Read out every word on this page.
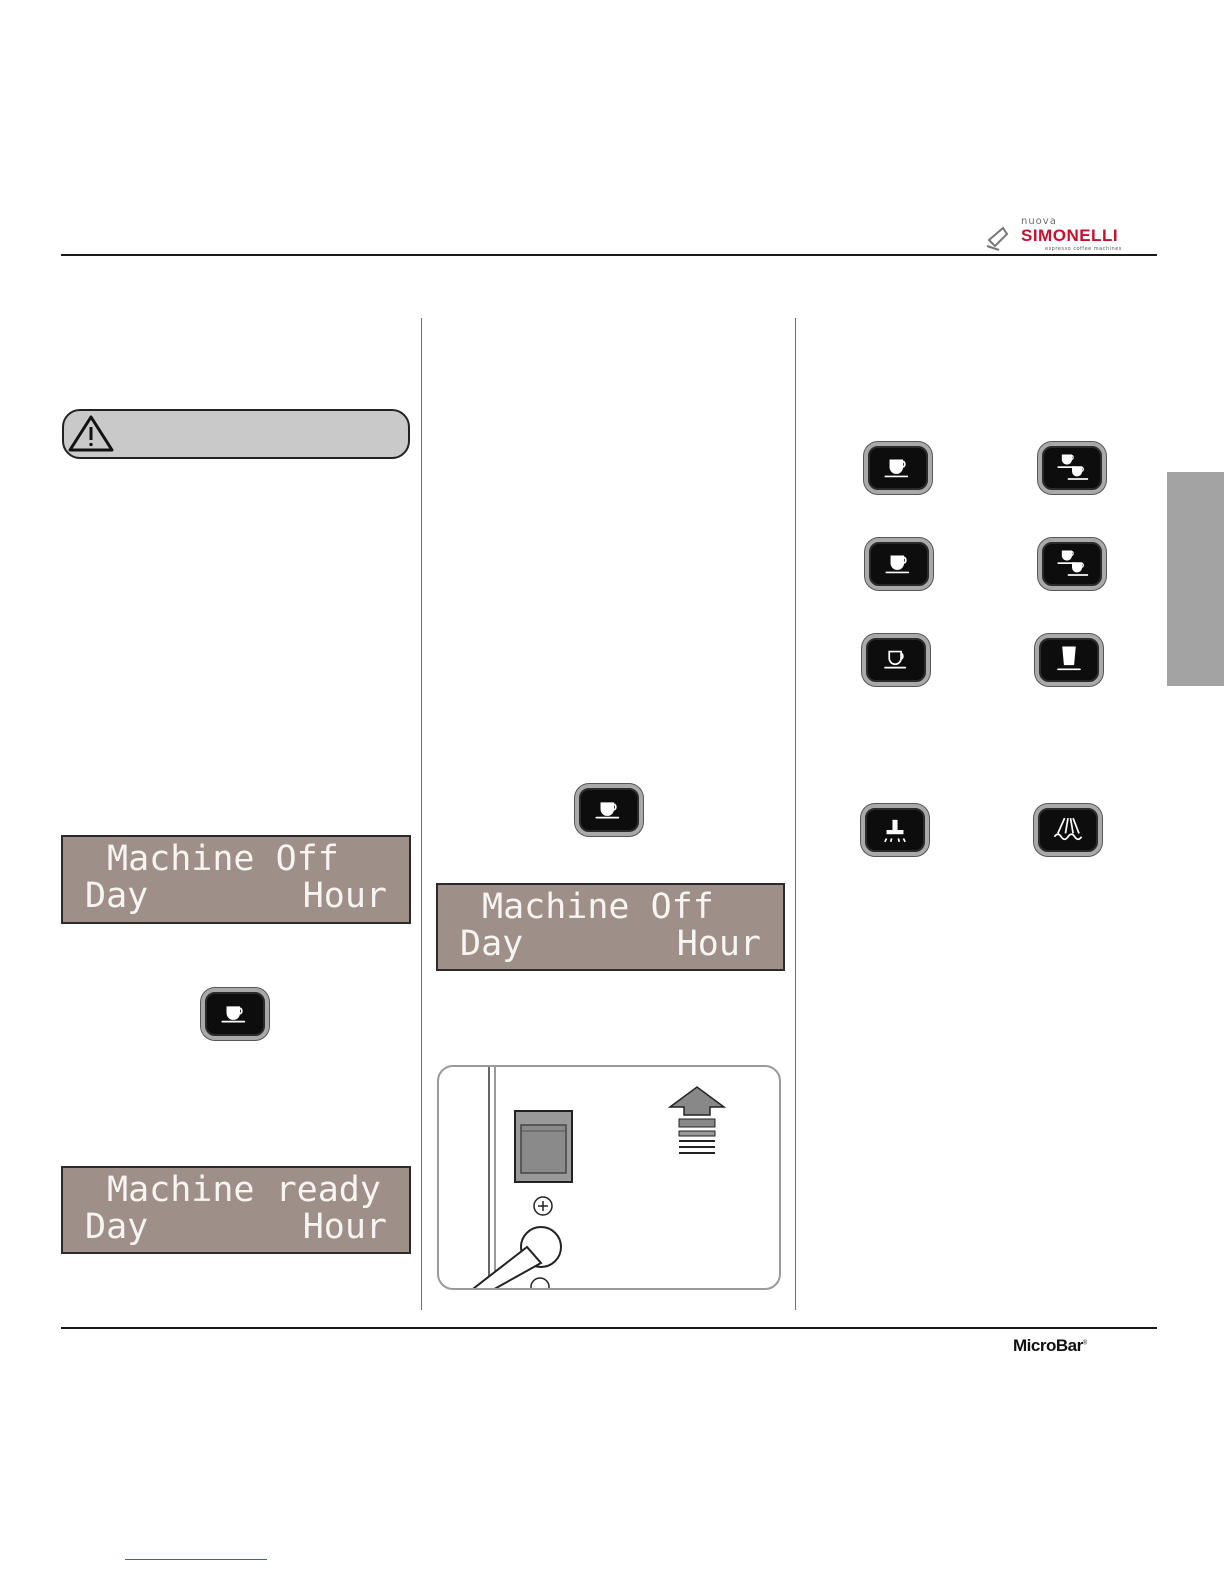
nuova
SIMONELLI
espresso coffee machines
Machine Off
Day	Hour
Machine ready
Day	Hour
Machine Off
Day	Hour
MicroBar®
